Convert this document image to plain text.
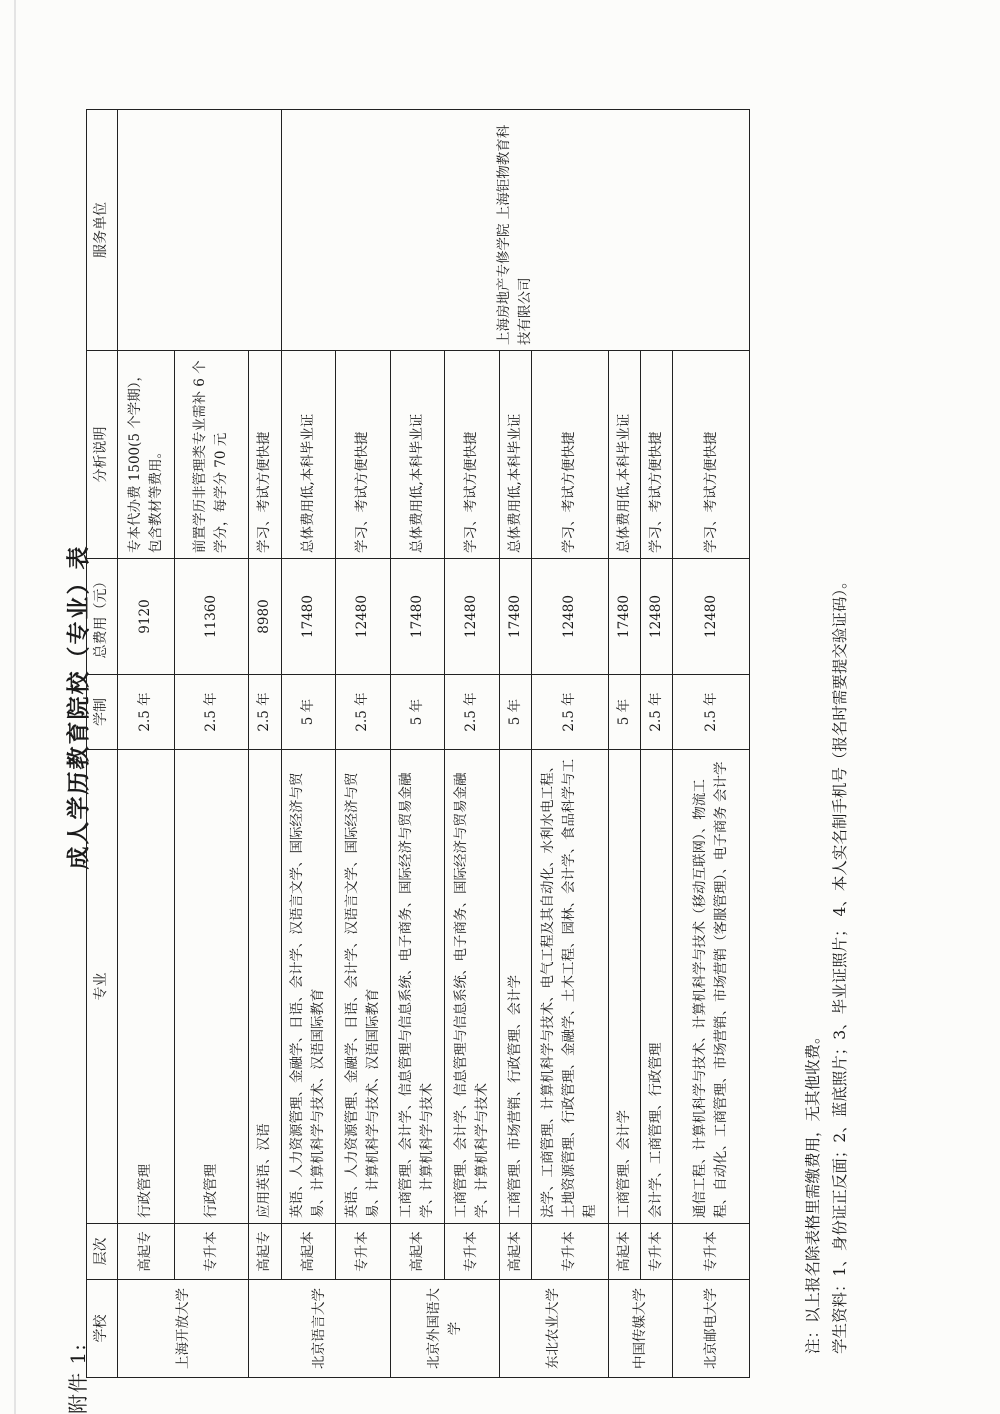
附件 1:
成人学历教育院校（专业）表
学校	层次	专业	学制	总费用（元）	分析说明	服务单位
上海开放大学	高起专	行政管理	2.5 年	9120	专本代办费 1500(5 个学期），包含教材等费用。	
	专升本	行政管理	2.5 年	11360	前置学历非管理类专业需补 6 个学分，每学分 70 元	
北京语言大学	高起专	应用英语、汉语	2.5 年	8980	学习、考试方便快捷	
	高起本	英语、人力资源管理、金融学、日语、会计学、汉语言文学、国际经济与贸易、计算机科学与技术、汉语国际教育	5 年	17480	总体费用低,本科毕业证	上海房地产专修学院 上海钜物教育科技有限公司
	专升本	英语、人力资源管理、金融学、日语、会计学、汉语言文学、国际经济与贸易、计算机科学与技术、汉语国际教育	2.5 年	12480	学习、考试方便快捷	
北京外国语大学	高起本	工商管理、会计学、信息管理与信息系统、电子商务、国际经济与贸易金融学、计算机科学与技术	5 年	17480	总体费用低,本科毕业证	
	专升本	工商管理、会计学、信息管理与信息系统、电子商务、国际经济与贸易金融学、计算机科学与技术	2.5 年	12480	学习、考试方便快捷	
东北农业大学	高起本	工商管理、市场营销、行政管理、会计学	5 年	17480	总体费用低,本科毕业证	
	专升本	法学、工商管理、计算机科学与技术、电气工程及其自动化、水利水电工程、土地资源管理、行政管理、金融学、土木工程、园林、会计学、食品科学与工程	2.5 年	12480	学习、考试方便快捷	
中国传媒大学	高起本	工商管理、会计学	5 年	17480	总体费用低,本科毕业证	
	专升本	会计学、工商管理、行政管理	2.5 年	12480	学习、考试方便快捷	
北京邮电大学	专升本	通信工程、计算机科学与技术、计算机科学与技术（移动互联网）、物流工程、自动化、工商管理、市场营销、市场营销（客服管理）、电子商务 会计学	2.5 年	12480	学习、考试方便快捷	
注：以上报名除表格里需缴费用，无其他收费。 学生资料：1、身份证正反面；2、蓝底照片；3、毕业证照片； 4、本人实名制手机号（报名时需要提交验证码）。
